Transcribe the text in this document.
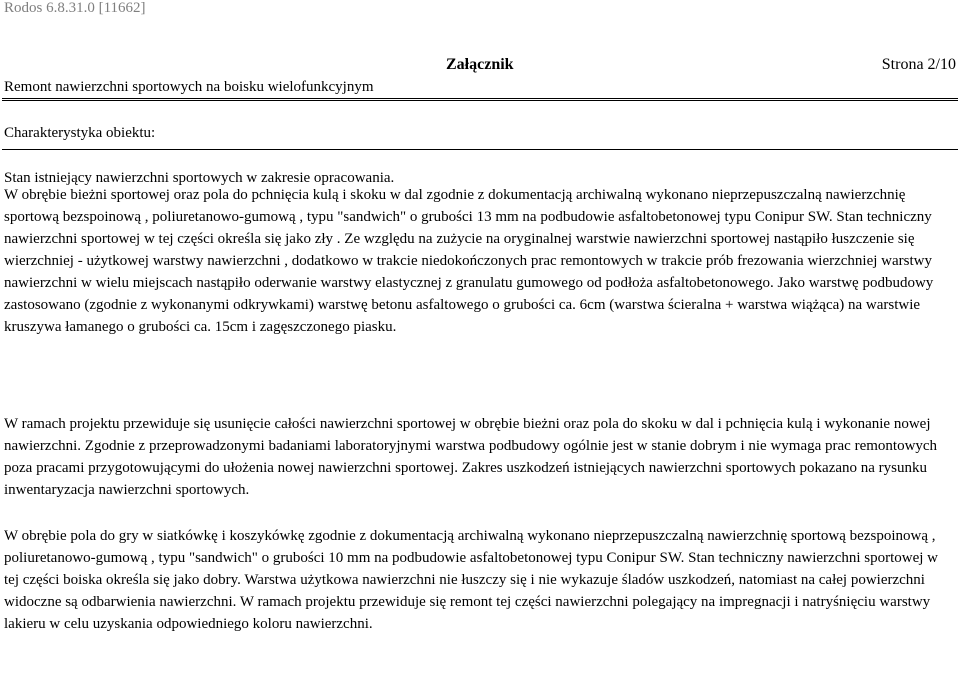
Rodos 6.8.31.0 [11662]
Załącznik	Strona 2/10
Remont nawierzchni sportowych na boisku wielofunkcyjnym
Charakterystyka obiektu:
Stan istniejący nawierzchni sportowych w zakresie opracowania.

W obrębie bieżni sportowej oraz pola do pchnięcia kulą i skoku w dal zgodnie z dokumentacją archiwalną wykonano nieprzepuszczalną nawierzchnię sportową bezspoinową , poliuretanowo-gumową , typu "sandwich" o grubości 13 mm na podbudowie asfaltobetonowej typu Conipur SW. Stan techniczny nawierzchni sportowej w tej części określa się jako zły . Ze względu na zużycie na oryginalnej warstwie nawierzchni sportowej nastąpiło łuszczenie się wierzchniej - użytkowej warstwy nawierzchni , dodatkowo w trakcie niedokończonych prac remontowych w trakcie prób frezowania wierzchniej warstwy nawierzchni w wielu miejscach nastąpiło oderwanie warstwy elastycznej z granulatu gumowego od podłoża asfaltobetonowego. Jako warstwę podbudowy zastosowano (zgodnie z wykonanymi odkrywkami) warstwę betonu asfaltowego o grubości ca. 6cm (warstwa ścieralna + warstwa wiążąca) na warstwie kruszywa łamanego o grubości ca. 15cm i zagęszczonego piasku.

W ramach projektu przewiduje się usunięcie całości nawierzchni sportowej w obrębie bieżni oraz pola do skoku w dal i pchnięcia kulą i wykonanie nowej nawierzchni. Zgodnie z przeprowadzonymi badaniami laboratoryjnymi warstwa podbudowy ogólnie jest w stanie dobrym i nie wymaga prac remontowych poza pracami przygotowującymi do ułożenia nowej nawierzchni sportowej. Zakres uszkodzeń istniejących nawierzchni sportowych pokazano na rysunku inwentaryzacja nawierzchni sportowych.

W obrębie pola do gry w siatkówkę i koszykówkę zgodnie z dokumentacją archiwalną wykonano nieprzepuszczalną nawierzchnię sportową bezspoinową , poliuretanowo-gumową , typu "sandwich" o grubości 10 mm na podbudowie asfaltobetonowej typu Conipur SW. Stan techniczny nawierzchni sportowej w tej części boiska określa się jako dobry. Warstwa użytkowa nawierzchni nie łuszczy się i nie wykazuje śladów uszkodzeń, natomiast na całej powierzchni widoczne są odbarwienia nawierzchni. W ramach projektu przewiduje się remont tej części nawierzchni polegający na impregnacji i natryśnięciu warstwy lakieru w celu uzyskania odpowiedniego koloru nawierzchni.
